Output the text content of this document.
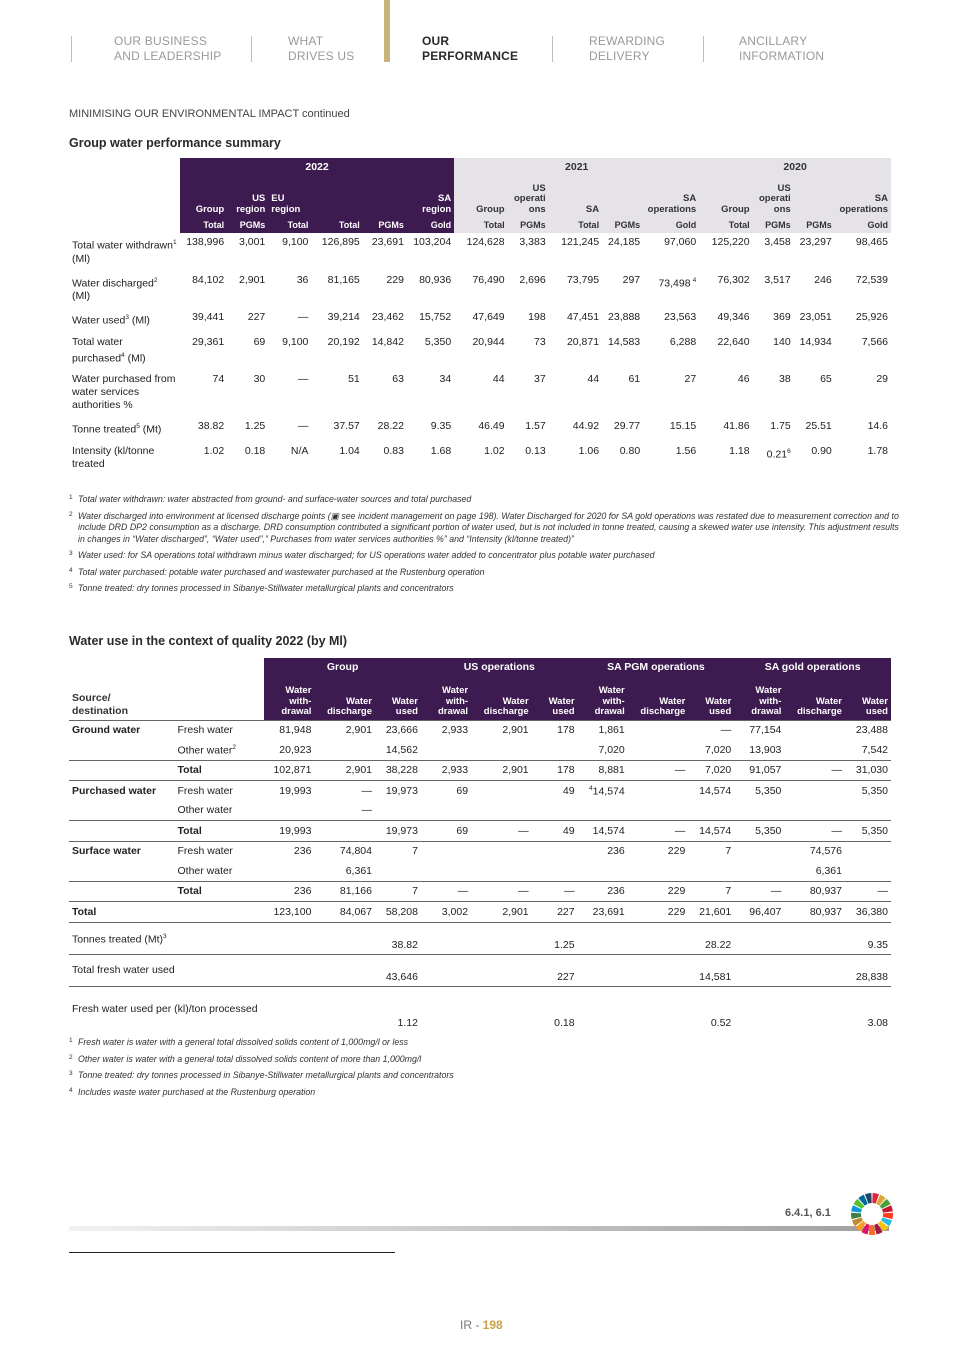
OUR BUSINESS
AND LEADERSHIP
WHAT
DRIVES US
OUR
PERFORMANCE
REWARDING
DELIVERY
ANCILLARY
INFORMATION
MINIMISING OUR ENVIRONMENTAL IMPACT continued
Group water performance summary
	2022						2021					2020			
	Group	US region	EU region			SA region	Group	US operati ons	SA		SA operations	Group	US operati ons		SA operations
	Total	PGMs	Total	Total	PGMs	Gold	Total	PGMs	Total	PGMs	Gold	Total	PGMs	PGMs	Gold
Total water withdrawn$^1$ (Ml)	138,996	3,001	9,100	126,895	23,691	103,204	124,628	3,383	121,245	24,185	97,060	125,220	3,458	23,297	98,465
Water discharged$^2$ (Ml)	84,102	2,901	36	81,165	229	80,936	76,490	2,696	73,795	297	73,498 $^4$	76,302	3,517	246	72,539
Water used$^3$ (Ml)	39,441	227	—	39,214	23,462	15,752	47,649	198	47,451	23,888	23,563	49,346	369	23,051	25,926
Total water purchased$^4$ (Ml)	29,361	69	9,100	20,192	14,842	5,350	20,944	73	20,871	14,583	6,288	22,640	140	14,934	7,566
Water purchased from water services authorities %	74	30	—	51	63	34	44	37	44	61	27	46	38	65	29
Tonne treated$^5$ (Mt)	38.82	1.25	—	37.57	28.22	9.35	46.49	1.57	44.92	29.77	15.15	41.86	1.75	25.51	14.6
Intensity (kl/tonne treated	1.02	0.18	N/A	1.04	0.83	1.68	1.02	0.13	1.06	0.80	1.56	1.18	0.21$^6$	0.90	1.78
1 Total water withdrawn: water abstracted from ground- and surface-water sources and total purchased
2 Water discharged into environment at licensed discharge points (▣ see incident management on page 198). Water Discharged for 2020 for SA gold operations was restated due to measurement correction and to include DRD DP2 consumption as a discharge. DRD consumption contributed a significant portion of water used, but is not included in tonne treated, causing a skewed water use intensity. This adjustment results in changes in “Water discharged”, “Water used”,” Purchases from water services authorities %” and “Intensity (kl/tonne treated)”
3 Water used: for SA operations total withdrawn minus water discharged; for US operations water added to concentrator plus potable water purchased
4 Total water purchased: potable water purchased and wastewater purchased at the Rustenburg operation
5 Tonne treated: dry tonnes processed in Sibanye-Stillwater metallurgical plants and concentrators
Water use in the context of quality 2022 (by Ml)
		Group			US operations			SA PGM operations			SA gold operations		
Source/
destination		Water with- drawal	Water discharge	Water used	Water with- drawal	Water discharge	Water used	Water with- drawal	Water discharge	Water used	Water with- drawal	Water discharge	Water used
Ground water	Fresh water	81,948	2,901	23,666	2,933	2,901	178	1,861		—	77,154		23,488
	Other water$^2$	20,923		14,562				7,020		7,020	13,903		7,542
	Total	102,871	2,901	38,228	2,933	2,901	178	8,881	—	7,020	91,057	—	31,030
Purchased water	Fresh water	19,993	—	19,973	69		49	$^4$14,574		14,574	5,350		5,350
	Other water		—										
	Total	19,993		19,973	69	—	49	14,574	—	14,574	5,350	—	5,350
Surface water	Fresh water	236	74,804	7				236	229	7		74,576	
	Other water		6,361									6,361	
	Total	236	81,166	7	—	—	—	236	229	7	—	80,937	—
Total		123,100	84,067	58,208	3,002	2,901	227	23,691	229	21,601	96,407	80,937	36,380
Tonnes treated $(Mt)^3$				38.82			1.25			28.22			9.35
Total fresh water used				43,646			227			14,581			28,838
Fresh water used per (kl)/ton processed				1.12			0.18			0.52			3.08
1 Fresh water is water with a general total dissolved solids content of 1,000mg/l or less
2 Other water is water with a general total dissolved solids content of more than 1,000mg/l
3 Tonne treated: dry tonnes processed in Sibanye-Stillwater metallurgical plants and concentrators
4 Includes waste water purchased at the Rustenburg operation
6.4.1, 6.1
IR - 198
